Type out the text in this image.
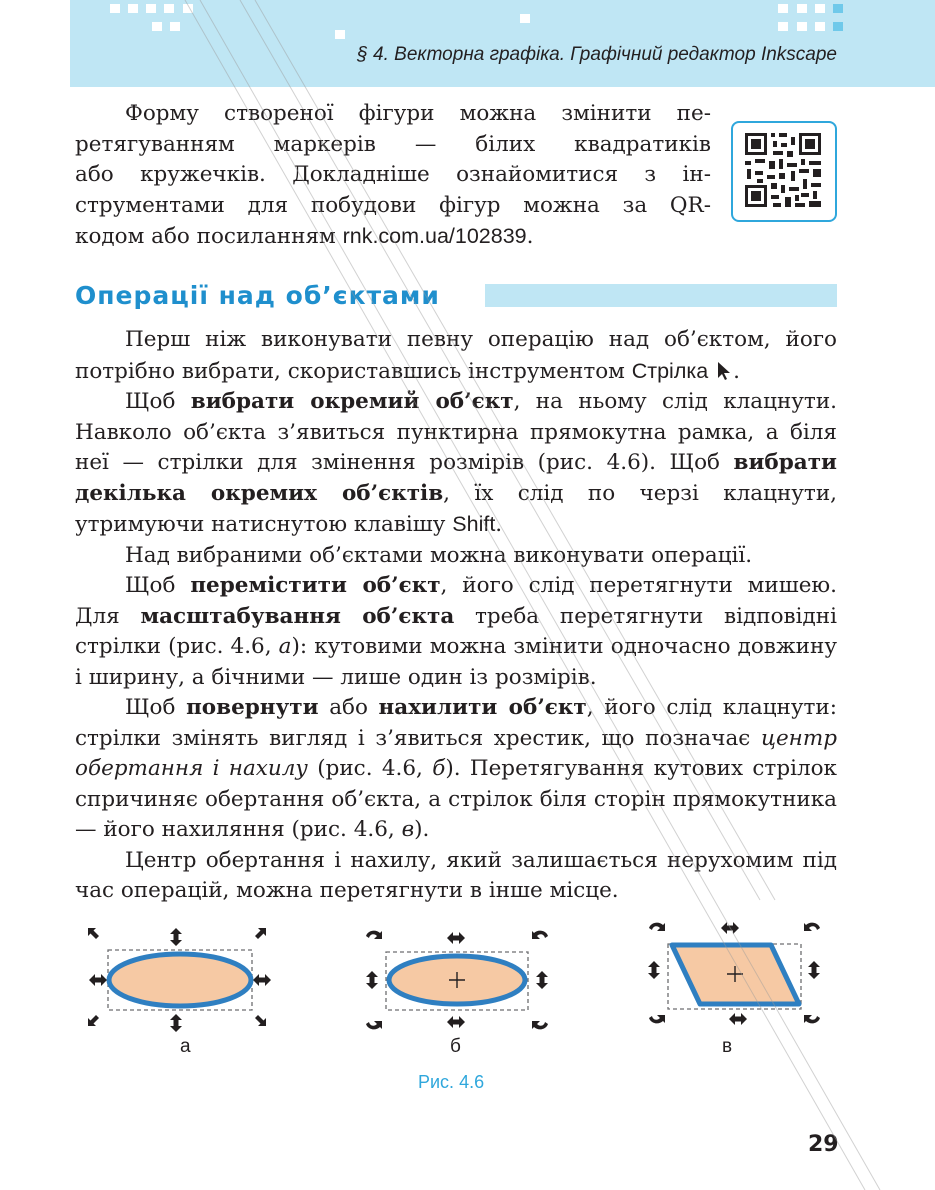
§ 4. Векторна графіка. Графічний редактор Inkscape

Форму створеної фігури можна змінити пе-

ретягуванням маркерів — білих квадратиків

або кружечків. Докладніше ознайомитися з ін-

струментами для побудови фігур можна за QR-

кодом або посиланням rnk.com.ua/102839.

Операції над об’єктами

Перш ніж виконувати певну операцію над об’єктом, його потрібно вибрати, скориставшись інструментом Стрілка .

Щоб вибрати окремий об’єкт, на ньому слід клацнути. Навколо об’єкта з’явиться пунктирна прямокутна рамка, а біля неї — стрілки для змінення розмірів (рис. 4.6). Щоб вибрати декілька окремих об’єктів, їх слід по черзі клацнути, утримуючи натиснутою клавішу Shift.

Над вибраними об’єктами можна виконувати операції.

Щоб перемістити об’єкт, його слід перетягнути мишею. Для масштабування об’єкта треба перетягнути відповідні стрілки (рис. 4.6, а): кутовими можна змінити одночасно довжину і ширину, а бічними — лише один із розмірів.

Щоб повернути або нахилити об’єкт, його слід клацнути: стрілки змінять вигляд і з’явиться хрестик, що позначає центр обертання і нахилу (рис. 4.6, б). Перетягування кутових стрілок спричиняє обертання об’єкта, а стрілок біля сторін прямокутника — його нахиляння (рис. 4.6, в).

Центр обертання і нахилу, який залишається нерухомим під час операцій, можна перетягнути в інше місце.

а	б	в
Рис. 4.6
29
